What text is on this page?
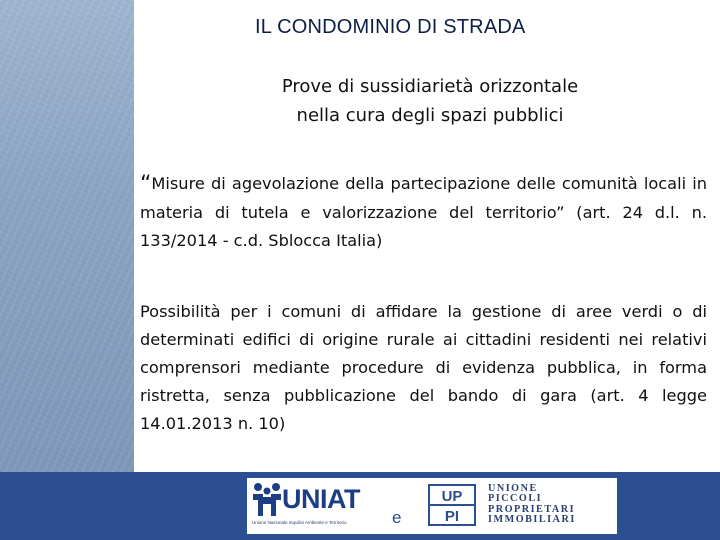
IL CONDOMINIO DI STRADA
Prove di sussidiarietà orizzontale
nella cura degli spazi pubblici
“Misure di agevolazione della partecipazione delle comunità locali in materia di tutela e valorizzazione del territorio” (art. 24 d.l. n. 133/2014 - c.d. Sblocca Italia)
Possibilità per i comuni di affidare la gestione di aree verdi o di determinati edifici di origine rurale ai cittadini residenti nei relativi comprensori mediante procedure di evidenza pubblica, in forma ristretta, senza pubblicazione del bando di gara (art. 4 legge 14.01.2013 n. 10)
UNIAT
Unione Nazionale Inquilini Ambiente e Territorio	e
UP
PI
UNIONE
PICCOLI
PROPRIETARI
IMMOBILIARI
